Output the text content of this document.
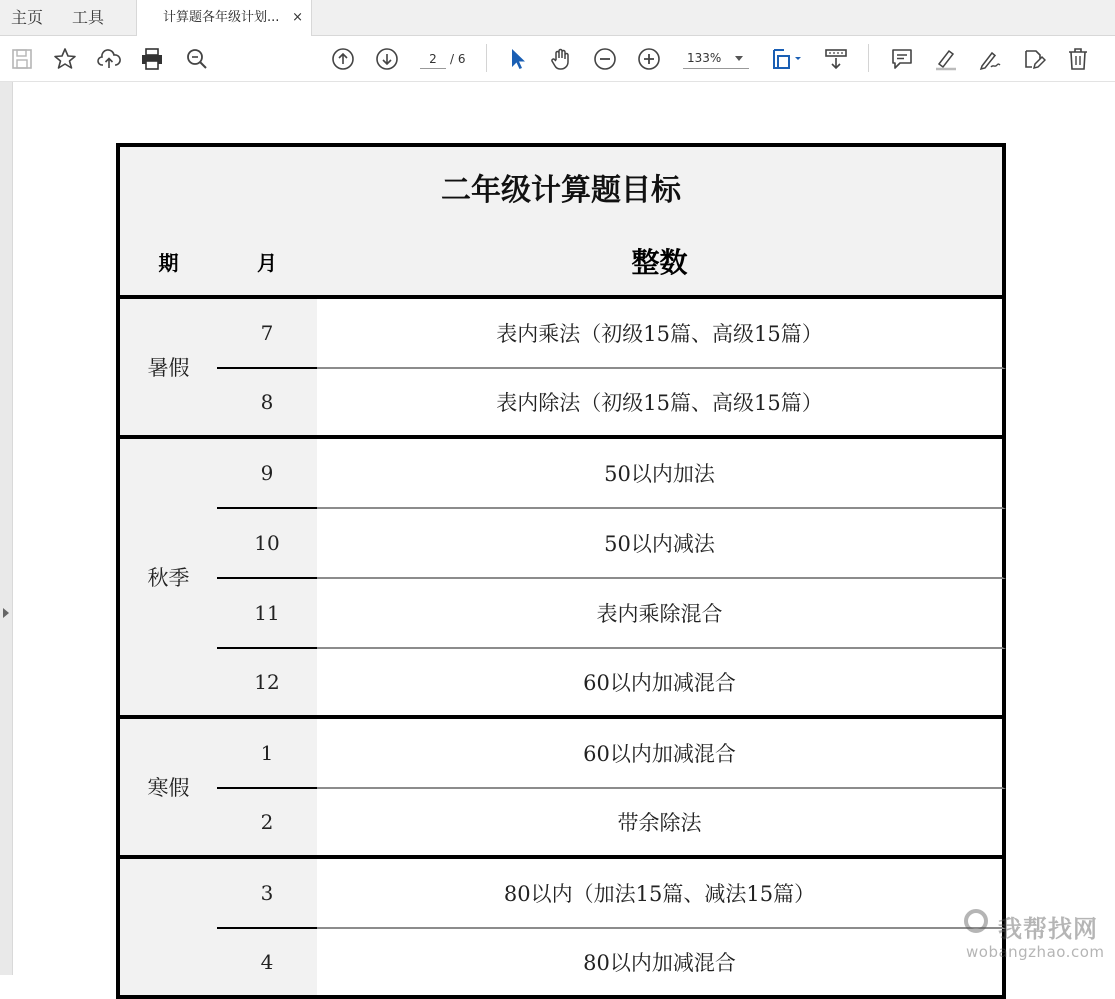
主页 工具	计算题各年级计划... ×
2	/ 6	133%
二年级计算题目标
期	月	整数
暑假
7	表内乘法（初级15篇、高级15篇）
8	表内除法（初级15篇、高级15篇）
秋季
9	50以内加法
10	50以内减法
11	表内乘除混合
12	60以内加减混合
寒假
1	60以内加减混合
2	带余除法
3	80以内（加法15篇、减法15篇）
4	80以内加减混合
我帮找网
wobangzhao.com
